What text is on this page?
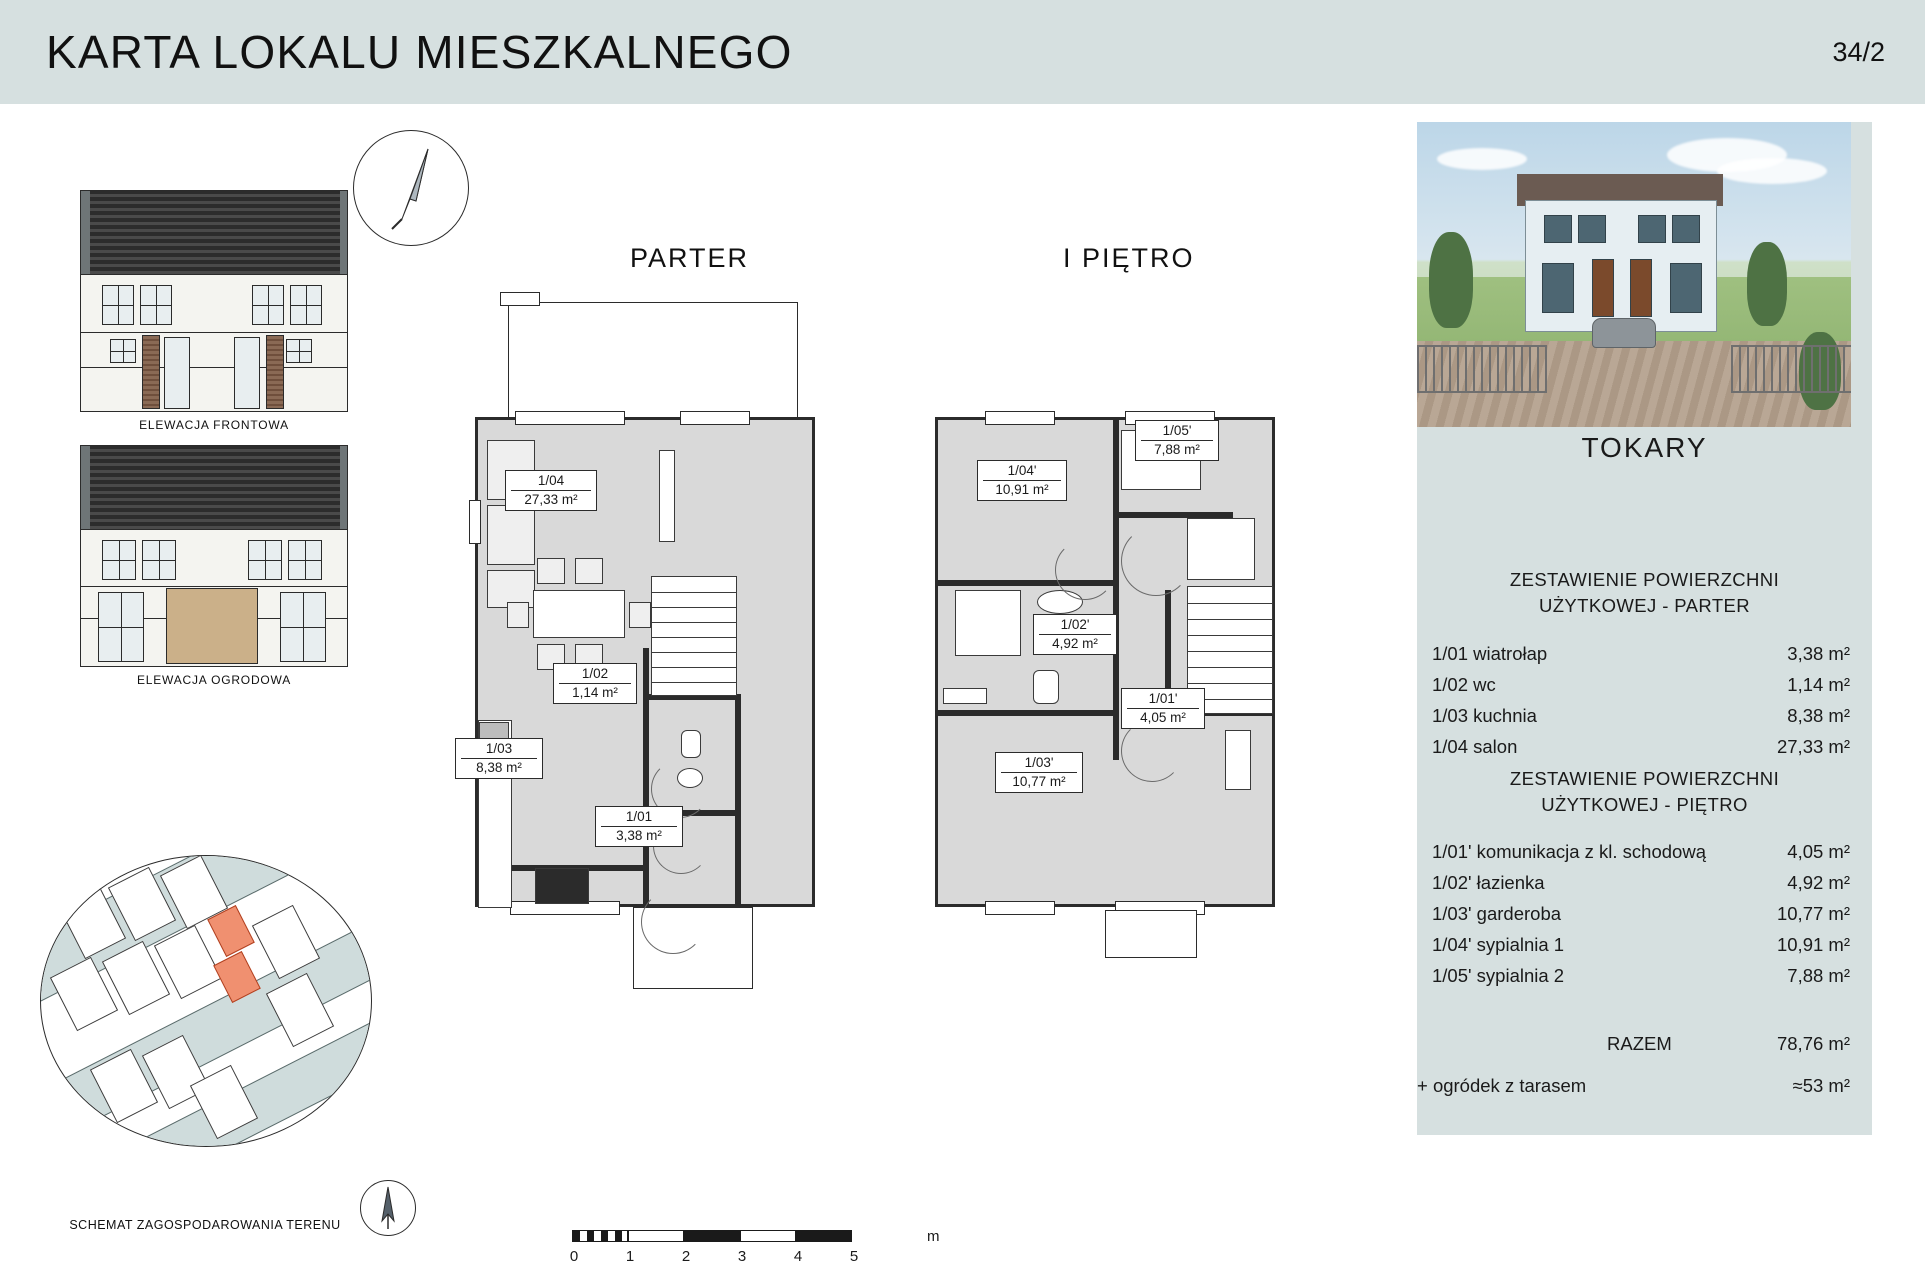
KARTA LOKALU MIESZKALNEGO	34/2
ELEWACJA FRONTOWA
ELEWACJA OGRODOWA
PARTER	I PIĘTRO
1/04
27,33 m²
1/02
1,14 m²
1/03
8,38 m²
1/01
3,38 m²
1/05'
7,88 m²
1/04'
10,91 m²
1/02'
4,92 m²
1/01'
4,05 m²
1/03'
10,77 m²
SCHEMAT ZAGOSPODAROWANIA TERENU
TOKARY
ZESTAWIENIE POWIERZCHNI
UŻYTKOWEJ - PARTER
1/01 wiatrołap	3,38 m²
1/02 wc	1,14 m²
1/03 kuchnia	8,38 m²
1/04 salon	27,33 m²
ZESTAWIENIE POWIERZCHNI
UŻYTKOWEJ - PIĘTRO
1/01' komunikacja z kl. schodową	4,05 m²
1/02' łazienka	4,92 m²
1/03' garderoba	10,77 m²
1/04' sypialnia 1	10,91 m²
1/05' sypialnia 2	7,88 m²
RAZEM	78,76 m²
+ ogródek z tarasem	≈53 m²
0	1	2	3	4	5
m
